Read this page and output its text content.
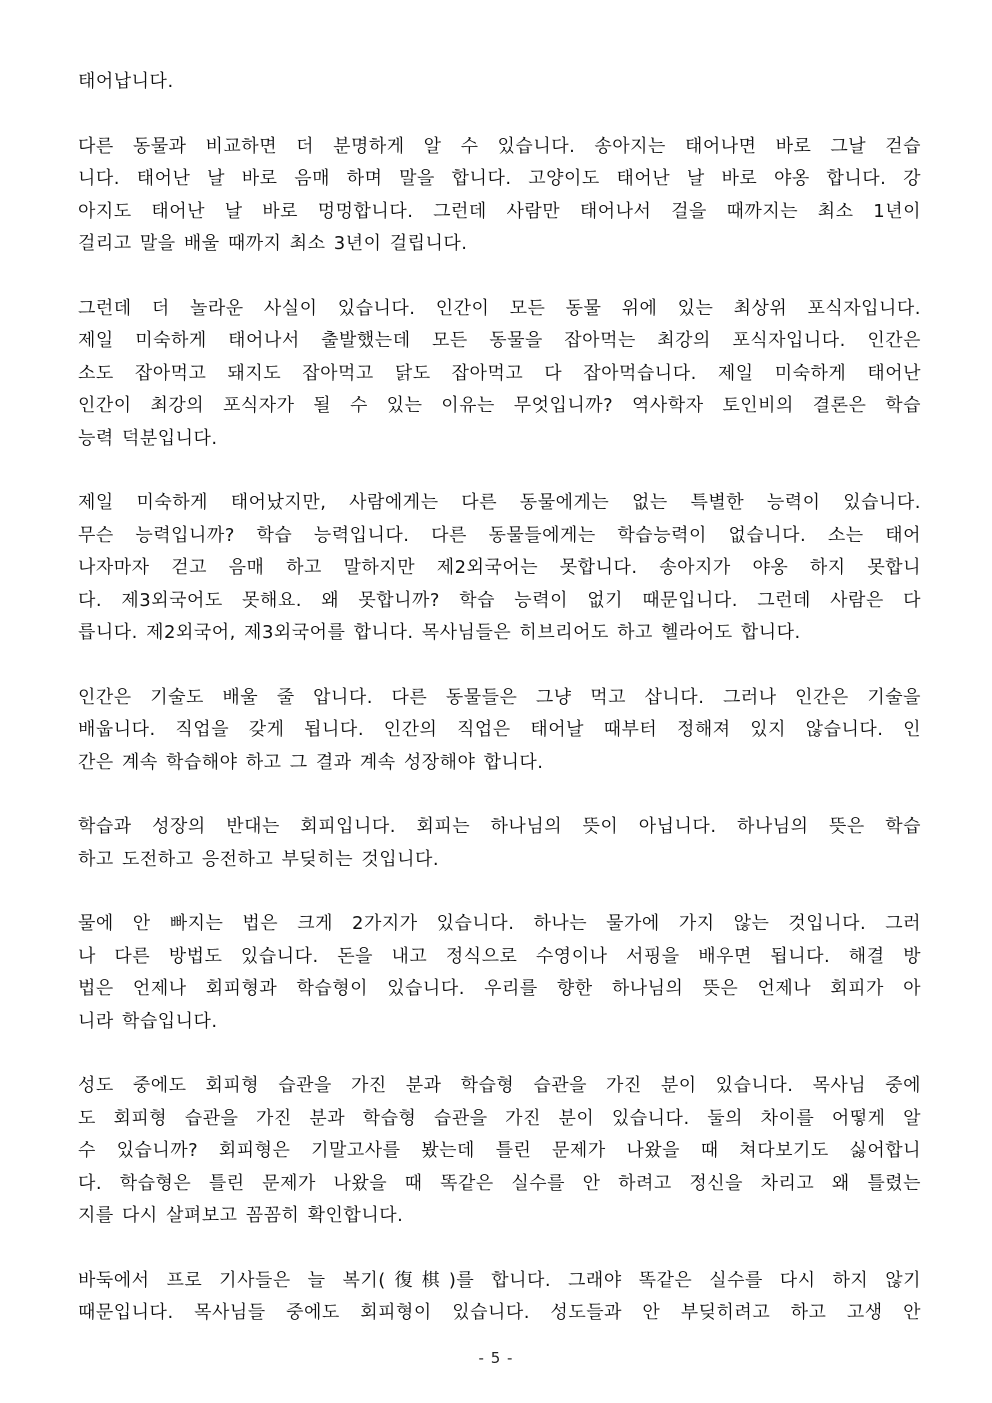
태어납니다.
다른 동물과 비교하면 더 분명하게 알 수 있습니다. 송아지는 태어나면 바로 그날 걷습
니다. 태어난 날 바로 음매 하며 말을 합니다. 고양이도 태어난 날 바로 야옹 합니다. 강
아지도 태어난 날 바로 멍멍합니다. 그런데 사람만 태어나서 걸을 때까지는 최소 1년이
걸리고 말을 배울 때까지 최소 3년이 걸립니다.
그런데 더 놀라운 사실이 있습니다. 인간이 모든 동물 위에 있는 최상위 포식자입니다.
제일 미숙하게 태어나서 출발했는데 모든 동물을 잡아먹는 최강의 포식자입니다. 인간은
소도 잡아먹고 돼지도 잡아먹고 닭도 잡아먹고 다 잡아먹습니다. 제일 미숙하게 태어난
인간이 최강의 포식자가 될 수 있는 이유는 무엇입니까? 역사학자 토인비의 결론은 학습
능력 덕분입니다.
제일 미숙하게 태어났지만, 사람에게는 다른 동물에게는 없는 특별한 능력이 있습니다.
무슨 능력입니까? 학습 능력입니다. 다른 동물들에게는 학습능력이 없습니다. 소는 태어
나자마자 걷고 음매 하고 말하지만 제2외국어는 못합니다. 송아지가 야옹 하지 못합니
다. 제3외국어도 못해요. 왜 못합니까? 학습 능력이 없기 때문입니다. 그런데 사람은 다
릅니다. 제2외국어, 제3외국어를 합니다. 목사님들은 히브리어도 하고 헬라어도 합니다.
인간은 기술도 배울 줄 압니다. 다른 동물들은 그냥 먹고 삽니다. 그러나 인간은 기술을
배웁니다. 직업을 갖게 됩니다. 인간의 직업은 태어날 때부터 정해져 있지 않습니다. 인
간은 계속 학습해야 하고 그 결과 계속 성장해야 합니다.
학습과 성장의 반대는 회피입니다. 회피는 하나님의 뜻이 아닙니다. 하나님의 뜻은 학습
하고 도전하고 응전하고 부딪히는 것입니다.
물에 안 빠지는 법은 크게 2가지가 있습니다. 하나는 물가에 가지 않는 것입니다. 그러
나 다른 방법도 있습니다. 돈을 내고 정식으로 수영이나 서핑을 배우면 됩니다. 해결 방
법은 언제나 회피형과 학습형이 있습니다. 우리를 향한 하나님의 뜻은 언제나 회피가 아
니라 학습입니다.
성도 중에도 회피형 습관을 가진 분과 학습형 습관을 가진 분이 있습니다. 목사님 중에
도 회피형 습관을 가진 분과 학습형 습관을 가진 분이 있습니다. 둘의 차이를 어떻게 알
수 있습니까? 회피형은 기말고사를 봤는데 틀린 문제가 나왔을 때 쳐다보기도 싫어합니
다. 학습형은 틀린 문제가 나왔을 때 똑같은 실수를 안 하려고 정신을 차리고 왜 틀렸는
지를 다시 살펴보고 꼼꼼히 확인합니다.
바둑에서 프로 기사들은 늘 복기(復棋)를 합니다. 그래야 똑같은 실수를 다시 하지 않기
때문입니다. 목사님들 중에도 회피형이 있습니다. 성도들과 안 부딪히려고 하고 고생 안
- 5 -
